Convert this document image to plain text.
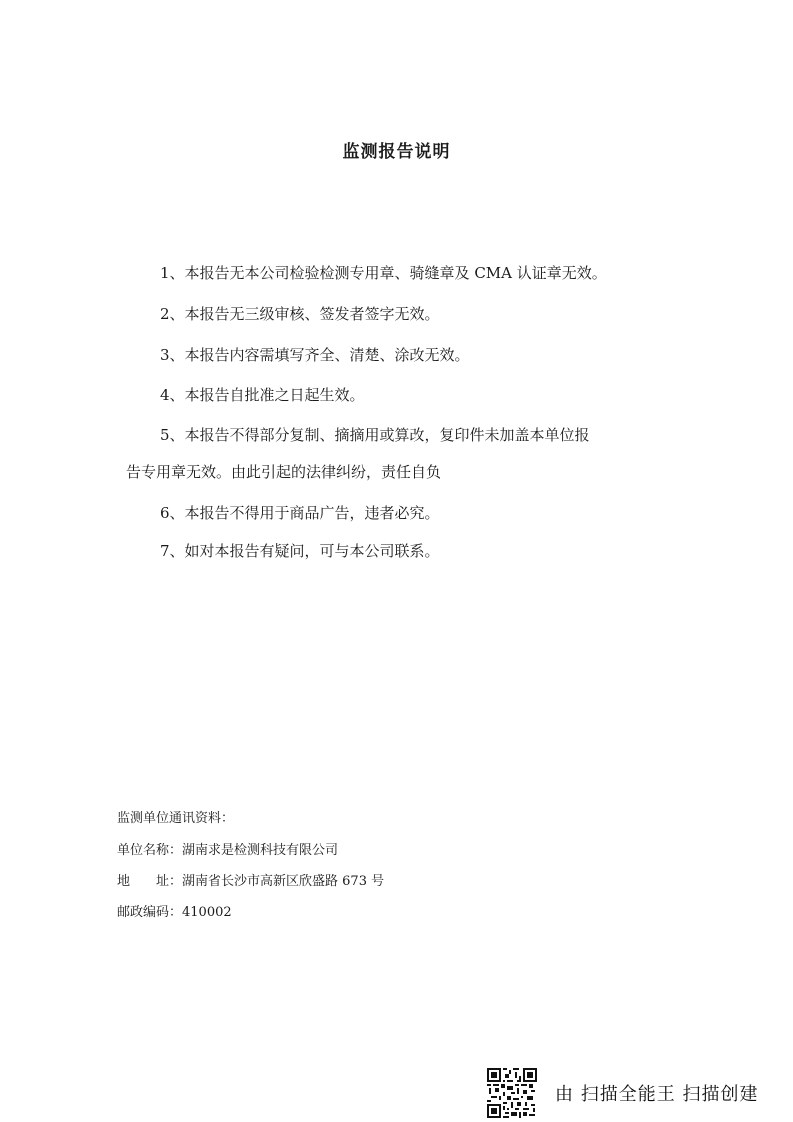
监测报告说明
1、本报告无本公司检验检测专用章、骑缝章及 CMA 认证章无效。
2、本报告无三级审核、签发者签字无效。
3、本报告内容需填写齐全、清楚、涂改无效。
4、本报告自批准之日起生效。
5、本报告不得部分复制、摘摘用或算改，复印件未加盖本单位报
告专用章无效。由此引起的法律纠纷，责任自负
6、本报告不得用于商品广告，违者必究。
7、如对本报告有疑问，可与本公司联系。
监测单位通讯资料：
单位名称：湖南求是检测科技有限公司
地　　址：湖南省长沙市高新区欣盛路 673 号
邮政编码：410002
由 扫描全能王 扫描创建
